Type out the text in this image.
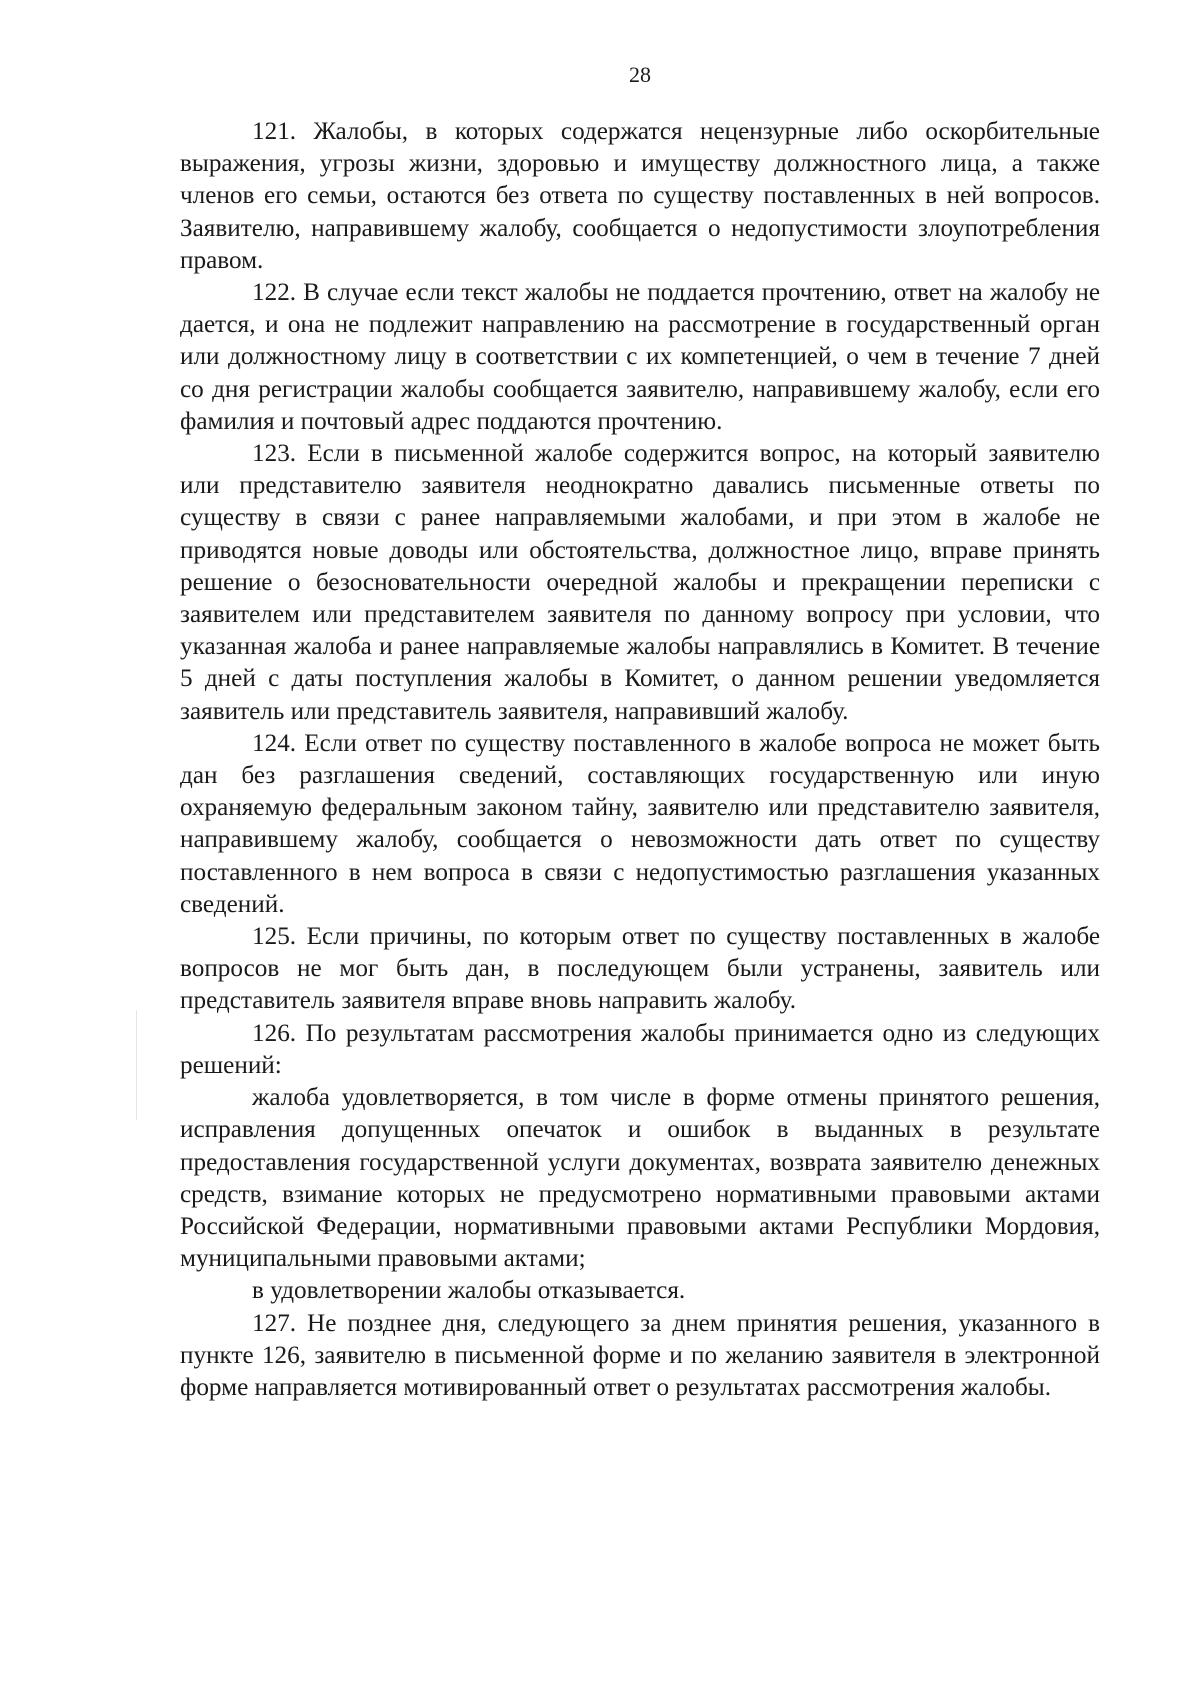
28

121. Жалобы, в которых содержатся нецензурные либо оскорбительные выражения, угрозы жизни, здоровью и имуществу должностного лица, а также членов его семьи, остаются без ответа по существу поставленных в ней вопросов. Заявителю, направившему жалобу, сообщается о недопустимости злоупотребления правом.

122. В случае если текст жалобы не поддается прочтению, ответ на жалобу не дается, и она не подлежит направлению на рассмотрение в государственный орган или должностному лицу в соответствии с их компетенцией, о чем в течение 7 дней со дня регистрации жалобы сообщается заявителю, направившему жалобу, если его фамилия и почтовый адрес поддаются прочтению.

123. Если в письменной жалобе содержится вопрос, на который заявителю или представителю заявителя неоднократно давались письменные ответы по существу в связи с ранее направляемыми жалобами, и при этом в жалобе не приводятся новые доводы или обстоятельства, должностное лицо, вправе принять решение о безосновательности очередной жалобы и прекращении переписки с заявителем или представителем заявителя по данному вопросу при условии, что указанная жалоба и ранее направляемые жалобы направлялись в Комитет. В течение 5 дней с даты поступления жалобы в Комитет, о данном решении уведомляется заявитель или представитель заявителя, направивший жалобу.

124. Если ответ по существу поставленного в жалобе вопроса не может быть дан без разглашения сведений, составляющих государственную или иную охраняемую федеральным законом тайну, заявителю или представителю заявителя, направившему жалобу, сообщается о невозможности дать ответ по существу поставленного в нем вопроса в связи с недопустимостью разглашения указанных сведений.

125. Если причины, по которым ответ по существу поставленных в жалобе вопросов не мог быть дан, в последующем были устранены, заявитель или представитель заявителя вправе вновь направить жалобу.

126. По результатам рассмотрения жалобы принимается одно из следующих решений:

жалоба удовлетворяется, в том числе в форме отмены принятого решения, исправления допущенных опечаток и ошибок в выданных в результате предоставления государственной услуги документах, возврата заявителю денежных средств, взимание которых не предусмотрено нормативными правовыми актами Российской Федерации, нормативными правовыми актами Республики Мордовия, муниципальными правовыми актами;

в удовлетворении жалобы отказывается.

127. Не позднее дня, следующего за днем принятия решения, указанного в пункте 126, заявителю в письменной форме и по желанию заявителя в электронной форме направляется мотивированный ответ о результатах рассмотрения жалобы.
